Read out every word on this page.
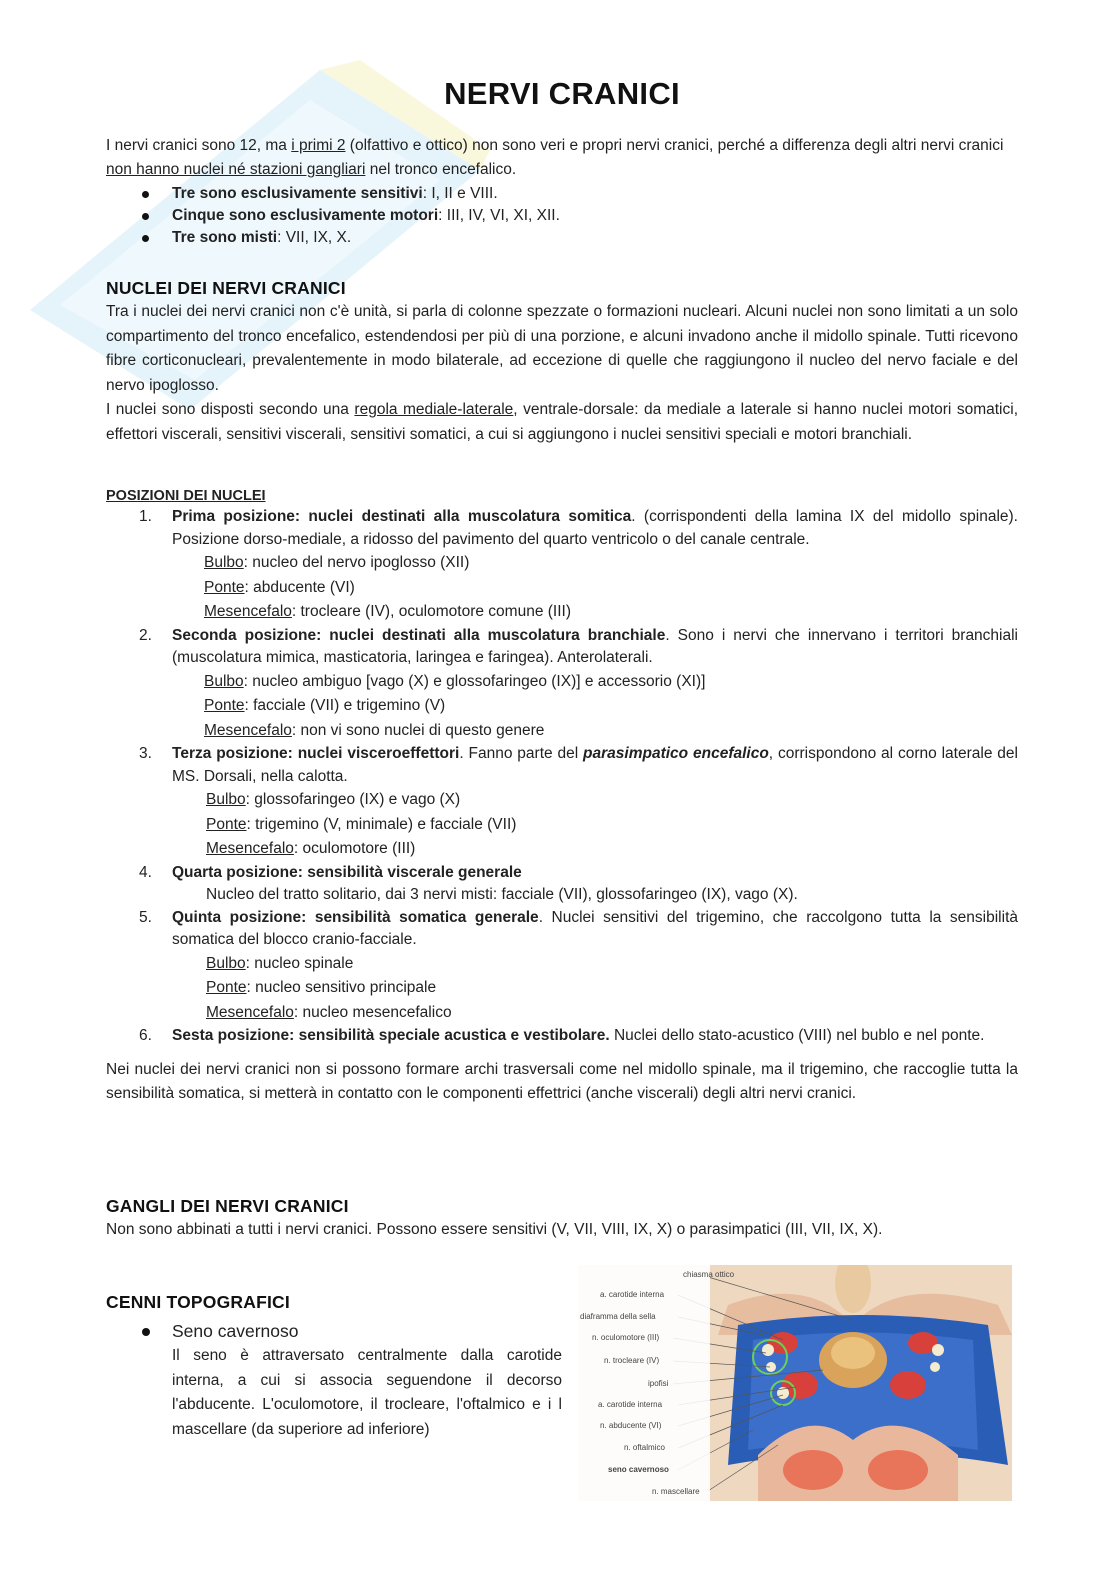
NERVI CRANICI
I nervi cranici sono 12, ma i primi 2 (olfattivo e ottico) non sono veri e propri nervi cranici, perché a differenza degli altri nervi cranici non hanno nuclei né stazioni gangliari nel tronco encefalico.
Tre sono esclusivamente sensitivi: I, II e VIII.
Cinque sono esclusivamente motori: III, IV, VI, XI, XII.
Tre sono misti: VII, IX, X.
NUCLEI DEI NERVI CRANICI
Tra i nuclei dei nervi cranici non c'è unità, si parla di colonne spezzate o formazioni nucleari. Alcuni nuclei non sono limitati a un solo compartimento del tronco encefalico, estendendosi per più di una porzione, e alcuni invadono anche il midollo spinale. Tutti ricevono fibre corticonucleari, prevalentemente in modo bilaterale, ad eccezione di quelle che raggiungono il nucleo del nervo faciale e del nervo ipoglosso.
I nuclei sono disposti secondo una regola mediale-laterale, ventrale-dorsale: da mediale a laterale si hanno nuclei motori somatici, effettori viscerali, sensitivi viscerali, sensitivi somatici, a cui si aggiungono i nuclei sensitivi speciali e motori branchiali.
POSIZIONI DEI NUCLEI
1. Prima posizione: nuclei destinati alla muscolatura somitica. (corrispondenti della lamina IX del midollo spinale). Posizione dorso-mediale, a ridosso del pavimento del quarto ventricolo o del canale centrale.
Bulbo: nucleo del nervo ipoglosso (XII)
Ponte: abducente (VI)
Mesencefalo: trocleare (IV), oculomotore comune (III)
2. Seconda posizione: nuclei destinati alla muscolatura branchiale. Sono i nervi che innervano i territori branchiali (muscolatura mimica, masticatoria, laringea e faringea). Anterolaterali.
Bulbo: nucleo ambiguo [vago (X) e glossofaringeo (IX)] e accessorio (XI)]
Ponte: facciale (VII) e trigemino (V)
Mesencefalo: non vi sono nuclei di questo genere
3. Terza posizione: nuclei visceroeffettori. Fanno parte del parasimpatico encefalico, corrispondono al corno laterale del MS. Dorsali, nella calotta.
Bulbo: glossofaringeo (IX) e vago (X)
Ponte: trigemino (V, minimale) e facciale (VII)
Mesencefalo: oculomotore (III)
4. Quarta posizione: sensibilità viscerale generale
Nucleo del tratto solitario, dai 3 nervi misti: facciale (VII), glossofaringeo (IX), vago (X).
5. Quinta posizione: sensibilità somatica generale. Nuclei sensitivi del trigemino, che raccolgono tutta la sensibilità somatica del blocco cranio-facciale.
Bulbo: nucleo spinale
Ponte: nucleo sensitivo principale
Mesencefalo: nucleo mesencefalico
6. Sesta posizione: sensibilità speciale acustica e vestibolare. Nuclei dello stato-acustico (VIII) nel bublo e nel ponte.
Nei nuclei dei nervi cranici non si possono formare archi trasversali come nel midollo spinale, ma il trigemino, che raccoglie tutta la sensibilità somatica, si metterà in contatto con le componenti effettrici (anche viscerali) degli altri nervi cranici.
GANGLI DEI NERVI CRANICI
Non sono abbinati a tutti i nervi cranici. Possono essere sensitivi (V, VII, VIII, IX, X) o parasimpatici (III, VII, IX, X).
CENNI TOPOGRAFICI
Seno cavernoso
Il seno è attraversato centralmente dalla carotide interna, a cui si associa seguendone il decorso l'abducente. L'oculomotore, il trocleare, l'oftalmico e i l mascellare (da superiore ad inferiore)
chiasma ottico
a. carotide interna
diaframma della sella
n. oculomotore (III)
n. trocleare (IV)
ipofisi
a. carotide interna
n. abducente (VI)
n. oftalmico
seno cavernoso
n. mascellare
